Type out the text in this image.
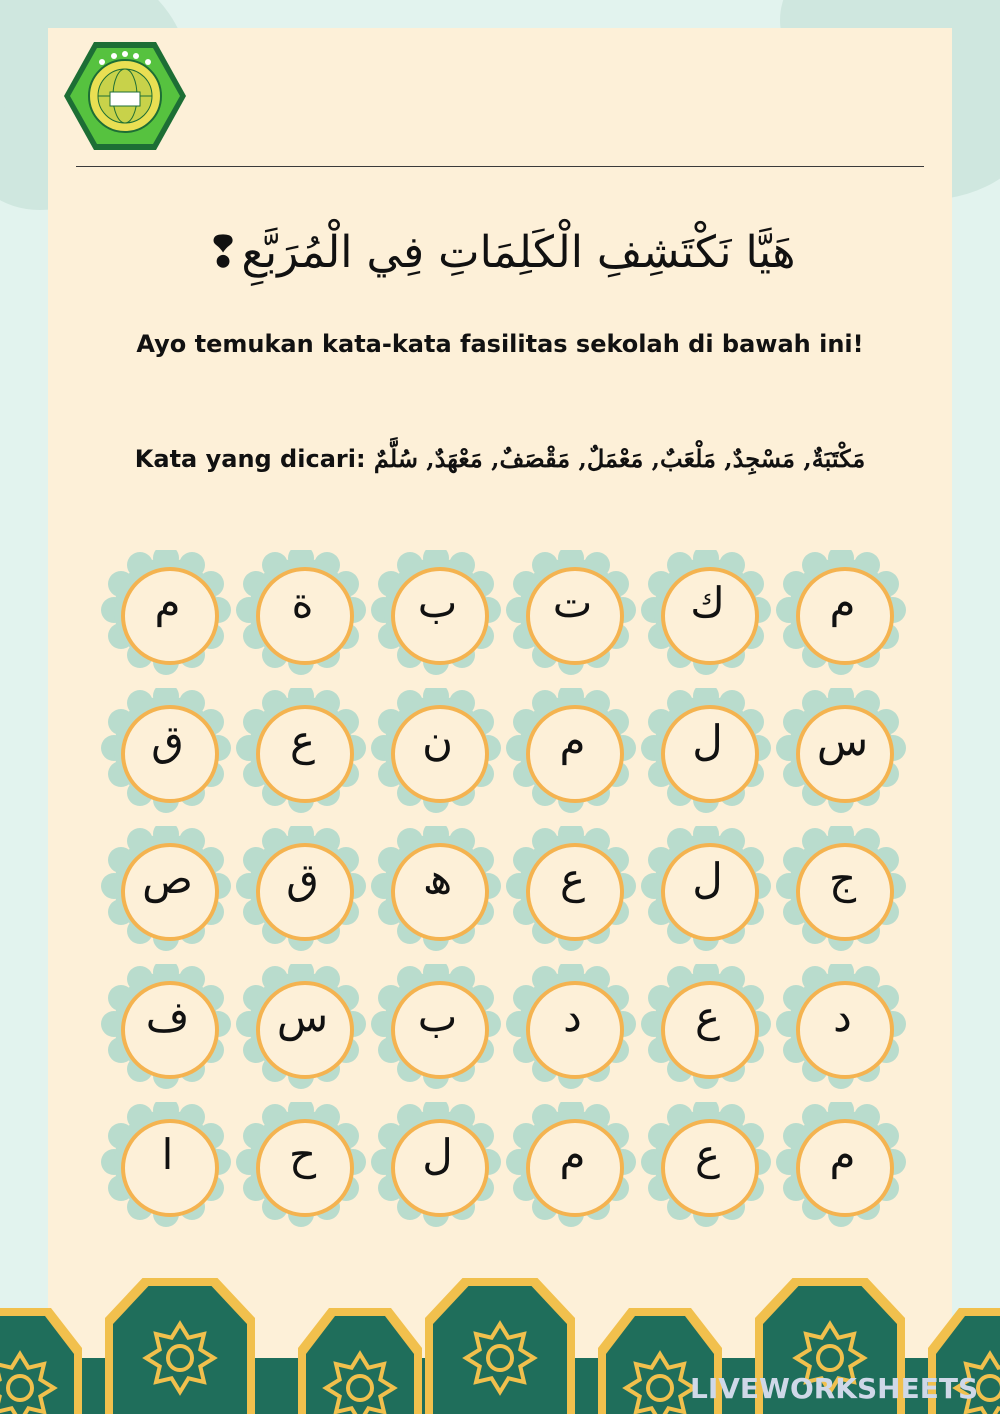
هَيَّا نَكْتَشِفِ الْكَلِمَاتِ فِي الْمُرَبَّعِ❢
Ayo temukan kata-kata fasilitas sekolah di bawah ini!
Kata yang dicari: مَكْتَبَةٌ, مَسْجِدٌ, مَلْعَبٌ, مَعْمَلٌ, مَقْصَفٌ, مَعْهَدٌ, سُلَّمٌ
م
ك
ت
ب
ة
م
س
ل
م
ن
ع
ق
ج
ل
ع
ﮪ
ق
ص
د
ع
د
ب
س
ف
م
ع
م
ل
ح
ا
LIVEWORKSHEETS
